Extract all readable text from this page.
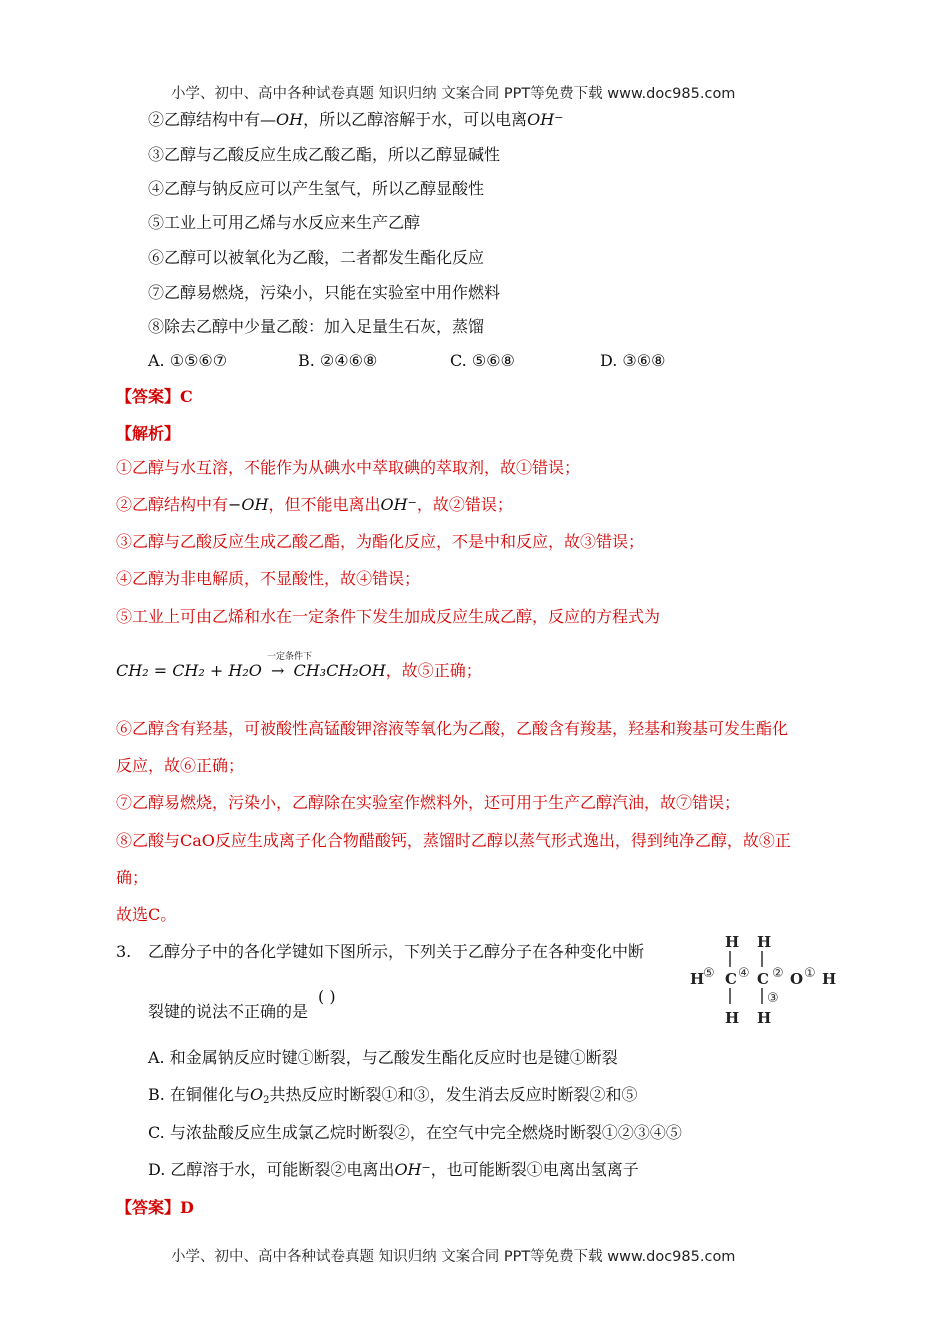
小学、初中、高中各种试卷真题 知识归纳 文案合同 PPT等免费下载 www.doc985.com
②乙醇结构中有—OH，所以乙醇溶解于水，可以电离OH−
③乙醇与乙酸反应生成乙酸乙酯，所以乙醇显碱性
④乙醇与钠反应可以产生氢气，所以乙醇显酸性
⑤工业上可用乙烯与水反应来生产乙醇
⑥乙醇可以被氧化为乙酸，二者都发生酯化反应
⑦乙醇易燃烧，污染小，只能在实验室中用作燃料
⑧除去乙醇中少量乙酸：加入足量生石灰，蒸馏
A. ①⑤⑥⑦	B. ②④⑥⑧	C. ⑤⑥⑧	D. ③⑥⑧
【答案】C
【解析】
①乙醇与水互溶，不能作为从碘水中萃取碘的萃取剂，故①错误；
②乙醇结构中有−OH，但不能电离出OH−，故②错误；
③乙醇与乙酸反应生成乙酸乙酯，为酯化反应，不是中和反应，故③错误；
④乙醇为非电解质，不显酸性，故④错误；
⑤工业上可由乙烯和水在一定条件下发生加成反应生成乙醇，反应的方程式为
CH₂ = CH₂ + H₂O
一定条件下
→ CH₃CH₂OH，故⑤正确；
⑥乙醇含有羟基，可被酸性高锰酸钾溶液等氧化为乙酸，乙酸含有羧基，羟基和羧基可发生酯化
反应，故⑥正确；
⑦乙醇易燃烧，污染小，乙醇除在实验室作燃料外，还可用于生产乙醇汽油，故⑦错误；
⑧乙酸与CaO反应生成离子化合物醋酸钙，蒸馏时乙醇以蒸气形式逸出，得到纯净乙醇，故⑧正
确；
故选C。
3. 乙醇分子中的各化学键如下图所示，下列关于乙醇分子在各种变化中断
裂键的说法不正确的是
( )
H H
H C C O H
H H
⑤ ④ ② ①
③
A. 和金属钠反应时键①断裂，与乙酸发生酯化反应时也是键①断裂
B. 在铜催化与O2共热反应时断裂①和③，发生消去反应时断裂②和⑤
C. 与浓盐酸反应生成氯乙烷时断裂②，在空气中完全燃烧时断裂①②③④⑤
D. 乙醇溶于水，可能断裂②电离出OH−，也可能断裂①电离出氢离子
【答案】D
小学、初中、高中各种试卷真题 知识归纳 文案合同 PPT等免费下载 www.doc985.com
